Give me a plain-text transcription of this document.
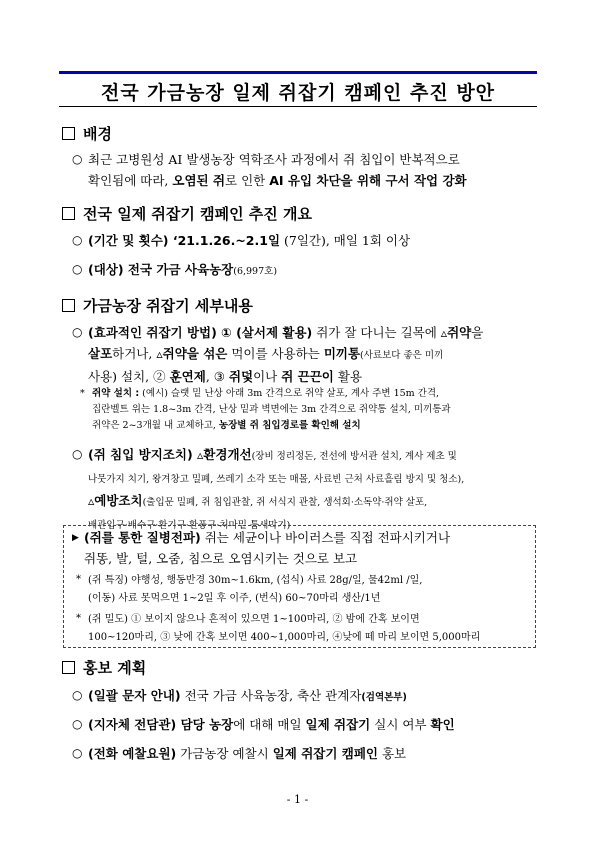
전국 가금농장 일제 쥐잡기 캠페인 추진 방안
배경
○ 최근 고병원성 AI 발생농장 역학조사 과정에서 쥐 침입이 반복적으로
확인됨에 따라, 오염된 쥐로 인한 AI 유입 차단을 위해 구서 작업 강화
전국 일제 쥐잡기 캠페인 추진 개요
○ (기간 및 횟수) ‘21.1.26.~2.1일 (7일간), 매일 1회 이상
○ (대상) 전국 가금 사육농장(6,997호)
가금농장 쥐잡기 세부내용
○ (효과적인 쥐잡기 방법) ① (살서제 활용) 쥐가 잘 다니는 길목에 ▵쥐약을
살포하거나, ▵쥐약을 섞은 먹이를 사용하는 미끼통(사료보다 좋은 미끼
사용) 설치, ② 훈연제, ③ 쥐덫이나 쥐 끈끈이 활용
* 쥐약 설치 : (예시) 슬랫 밑 난상 아래 3m 간격으로 쥐약 살포, 계사 주변 15m 간격,
집란벨트 위는 1.8~3m 간격, 난상 밑과 벽면에는 3m 간격으로 쥐약통 설치, 미끼통과
쥐약은 2~3개월 내 교체하고, 농장별 쥐 침입경로를 확인해 설치
○ (쥐 침입 방지조치) ▵환경개선(장비 정리정돈, 전선에 방서관 설치, 계사 제초 및
나뭇가지 치기, 왕겨창고 밀폐, 쓰레기 소각 또는 매몰, 사료빈 근처 사료흘림 방지 및 청소),
▵예방조치(출입문 밀폐, 쥐 침입관찰, 쥐 서식지 관찰, 생석회·소독약·쥐약 살포,
배관입구·배수구·환기구·환풍구·처마밑 틈새막기)
▶ (쥐를 통한 질병전파) 쥐는 세균이나 바이러스를 직접 전파시키거나
쥐똥, 발, 털, 오줌, 침으로 오염시키는 것으로 보고
* (쥐 특징) 야행성, 행동반경 30m~1.6km, (섭식) 사료 28g/일, 물42ml /일,
(이동) 사료 못먹으면 1~2일 후 이주, (번식) 60~70마리 생산/1년
* (쥐 밀도) ① 보이지 않으나 흔적이 있으면 1~100마리, ② 밤에 간혹 보이면
100~120마리, ③ 낮에 간혹 보이면 400~1,000마리, ④낮에 떼 마리 보이면 5,000마리
홍보 계획
○ (일괄 문자 안내) 전국 가금 사육농장, 축산 관계자(검역본부)
○ (지자체 전담관) 담당 농장에 대해 매일 일제 쥐잡기 실시 여부 확인
○ (전화 예찰요원) 가금농장 예찰시 일제 쥐잡기 캠페인 홍보
- 1 -
